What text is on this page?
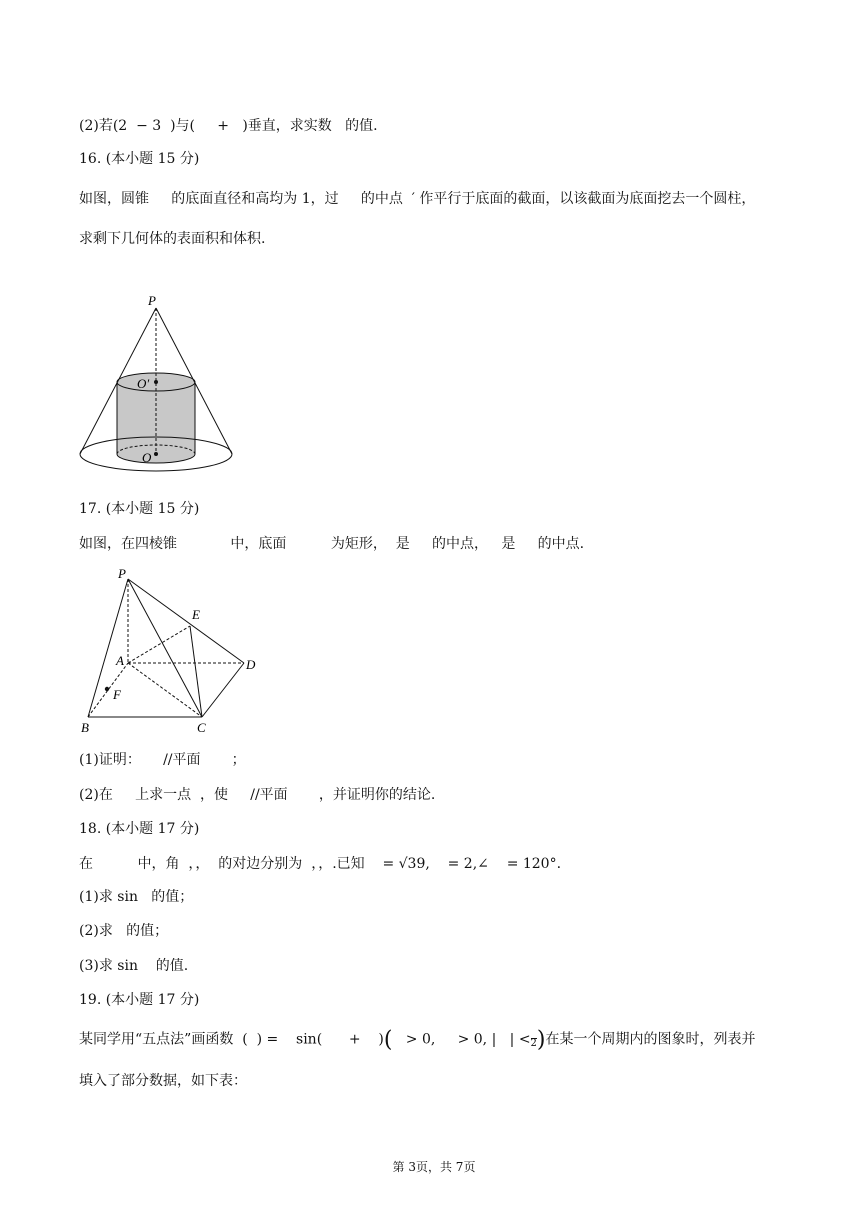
(2)若(2  − 3  )与(     +   )垂直，求实数   的值.
16. (本小题 15 分)
如图，圆锥     的底面直径和高均为 1，过     的中点  ′ 作平行于底面的截面，以该截面为底面挖去一个圆柱，
求剩下几何体的表面积和体积.
P
O′
O
17. (本小题 15 分)
如图，在四棱锥            中，底面          为矩形，  是     的中点，   是     的中点.
P
E
A	D
F
B	C
(1)证明：     //平面       ；
(2)在     上求一点  ，使     //平面       ，并证明你的结论.
18. (本小题 17 分)
在          中，角  ，，  的对边分别为  ，，.已知    = √39,    = 2,∠    = 120°.
(1)求 sin   的值；
(2)求   的值；
(3)求 sin    的值.
19. (本小题 17 分)
某同学用“五点法”画函数  (  ) =    sin(      +    )(   > 0,     > 0, |   | <
2)在某一个周期内的图象时，列表并
填入了部分数据，如下表：
第 3页，共 7页
